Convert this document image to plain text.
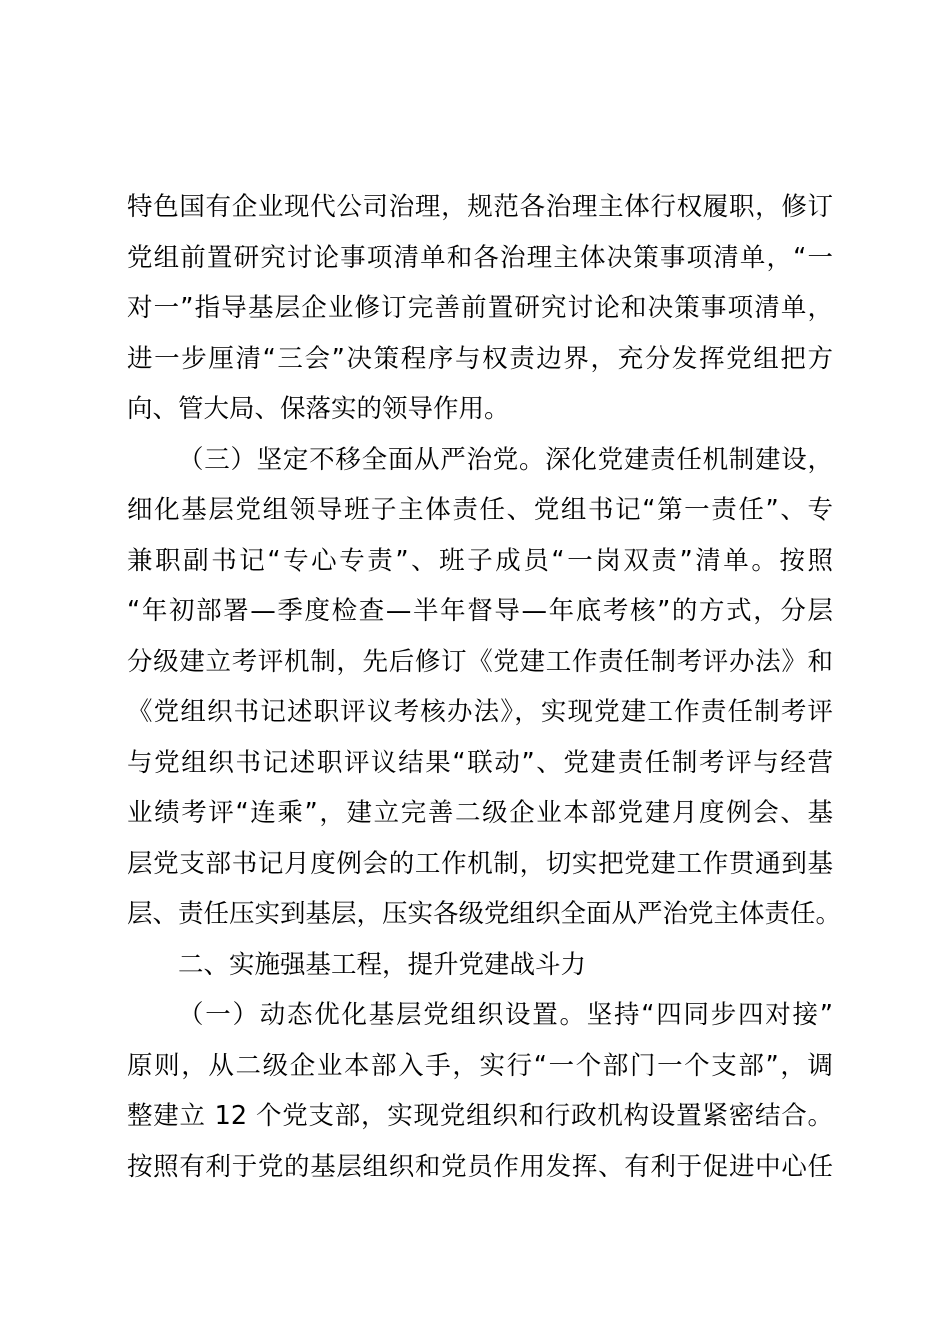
特色国有企业现代公司治理，规范各治理主体行权履职，修订
党组前置研究讨论事项清单和各治理主体决策事项清单，“一
对一”指导基层企业修订完善前置研究讨论和决策事项清单，
进一步厘清“三会”决策程序与权责边界，充分发挥党组把方
向、管大局、保落实的领导作用。
（三）坚定不移全面从严治党。深化党建责任机制建设，
细化基层党组领导班子主体责任、党组书记“第一责任”、专
兼职副书记“专心专责”、班子成员“一岗双责”清单。按照
“年初部署—季度检查—半年督导—年底考核”的方式，分层
分级建立考评机制，先后修订《党建工作责任制考评办法》和
《党组织书记述职评议考核办法》，实现党建工作责任制考评
与党组织书记述职评议结果“联动”、党建责任制考评与经营
业绩考评“连乘”，建立完善二级企业本部党建月度例会、基
层党支部书记月度例会的工作机制，切实把党建工作贯通到基
层、责任压实到基层，压实各级党组织全面从严治党主体责任。
二、实施强基工程，提升党建战斗力
（一）动态优化基层党组织设置。坚持“四同步四对接”
原则，从二级企业本部入手，实行“一个部门一个支部”，调
整建立 12 个党支部，实现党组织和行政机构设置紧密结合。
按照有利于党的基层组织和党员作用发挥、有利于促进中心任
